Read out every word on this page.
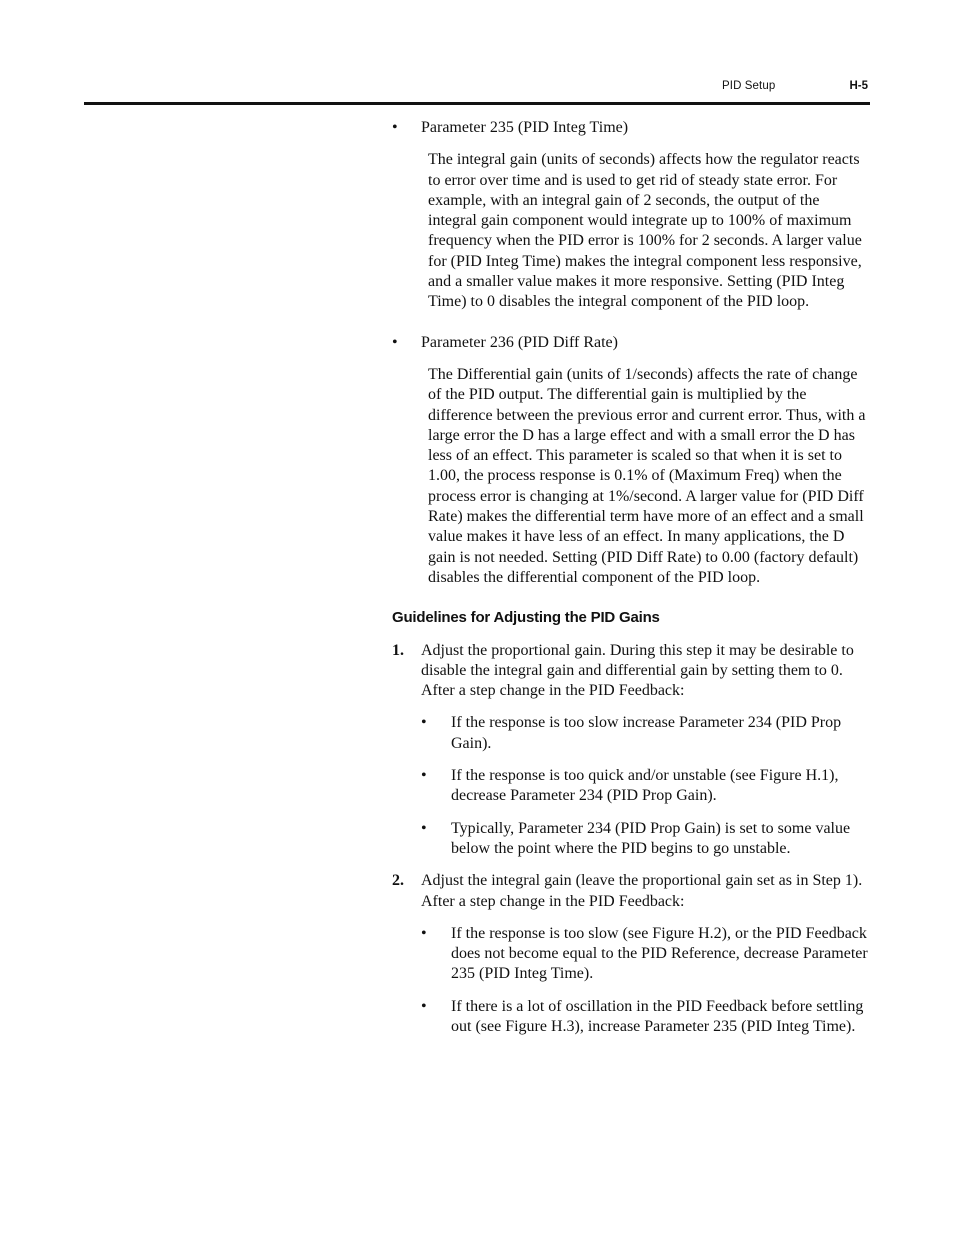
PID Setup	H-5
• Parameter 235 (PID Integ Time)
The integral gain (units of seconds) affects how the regulator reacts to error over time and is used to get rid of steady state error. For example, with an integral gain of 2 seconds, the output of the integral gain component would integrate up to 100% of maximum frequency when the PID error is 100% for 2 seconds. A larger value for (PID Integ Time) makes the integral component less responsive, and a smaller value makes it more responsive. Setting (PID Integ Time) to 0 disables the integral component of the PID loop.
• Parameter 236 (PID Diff Rate)
The Differential gain (units of 1/seconds) affects the rate of change of the PID output. The differential gain is multiplied by the difference between the previous error and current error. Thus, with a large error the D has a large effect and with a small error the D has less of an effect. This parameter is scaled so that when it is set to 1.00, the process response is 0.1% of (Maximum Freq) when the process error is changing at 1%/second. A larger value for (PID Diff Rate) makes the differential term have more of an effect and a small value makes it have less of an effect. In many applications, the D gain is not needed. Setting (PID Diff Rate) to 0.00 (factory default) disables the differential component of the PID loop.
Guidelines for Adjusting the PID Gains
1. Adjust the proportional gain. During this step it may be desirable to disable the integral gain and differential gain by setting them to 0. After a step change in the PID Feedback:
• If the response is too slow increase Parameter 234 (PID Prop Gain).
• If the response is too quick and/or unstable (see Figure H.1), decrease Parameter 234 (PID Prop Gain).
• Typically, Parameter 234 (PID Prop Gain) is set to some value below the point where the PID begins to go unstable.
2. Adjust the integral gain (leave the proportional gain set as in Step 1). After a step change in the PID Feedback:
• If the response is too slow (see Figure H.2), or the PID Feedback does not become equal to the PID Reference, decrease Parameter 235 (PID Integ Time).
• If there is a lot of oscillation in the PID Feedback before settling out (see Figure H.3), increase Parameter 235 (PID Integ Time).
